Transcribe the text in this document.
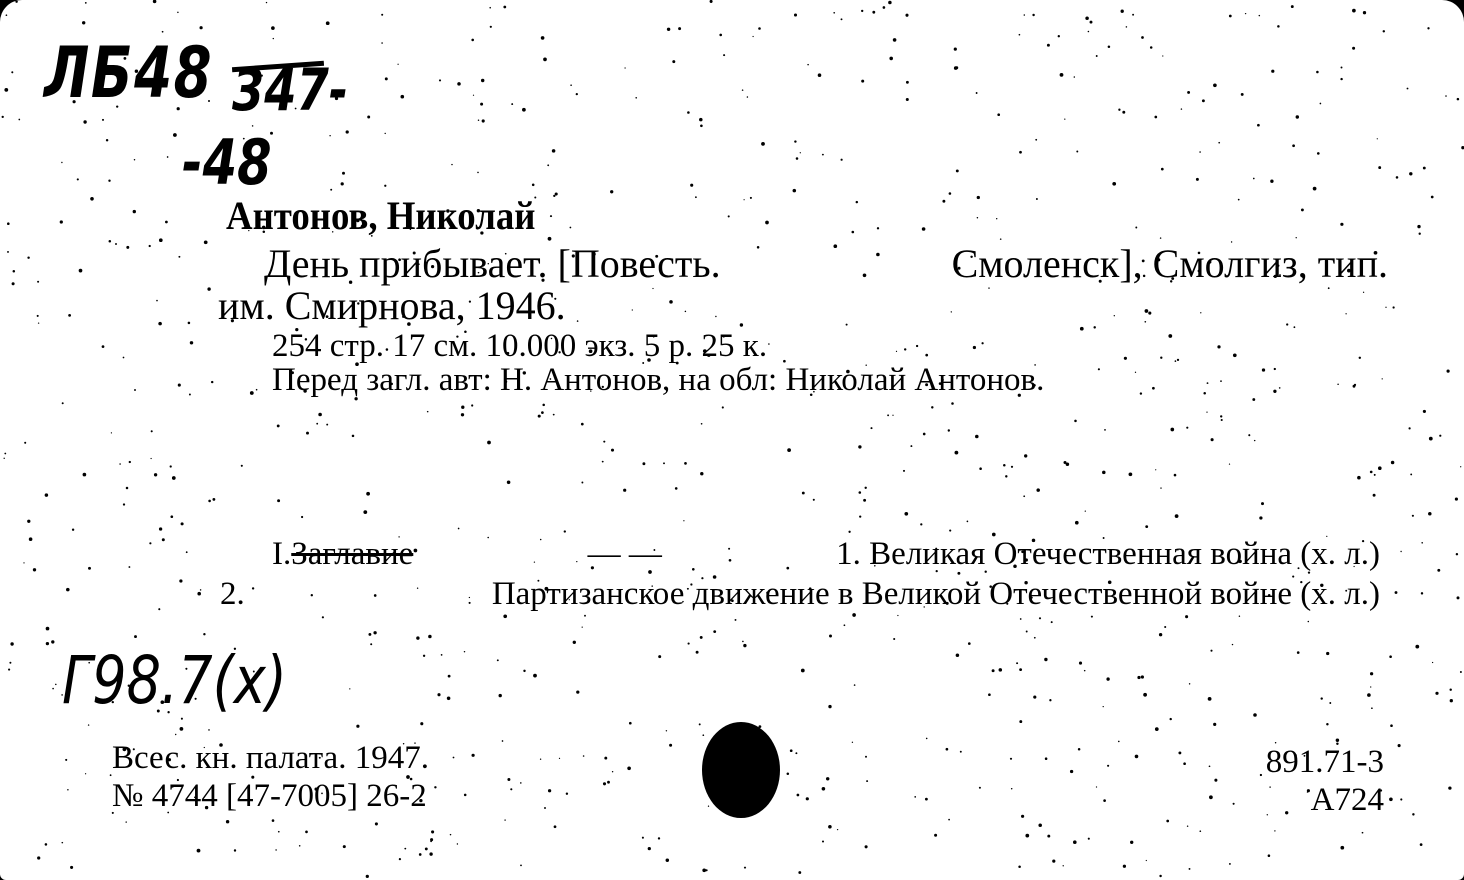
ЛБ48 347-
-48
Антонов, Николай
День прибывает. [Повесть.	Смоленск], Смолгиз, тип.
им. Смирнова, 1946.
254 стр. 17 см. 10.000 экз. 5 р. 25 к.
Перед загл. авт: Н. Антонов, на обл: Николай Антонов.
I.Заглавие	— —	1. Великая Отечественная война (х. л.)
2.	Партизанское движение в Великой Отечественной войне (х. л.)
Г98.7(х)
Всес. кн. палата. 1947.
№ 4744 [47-7005] 26-2
891.71-3
А724
